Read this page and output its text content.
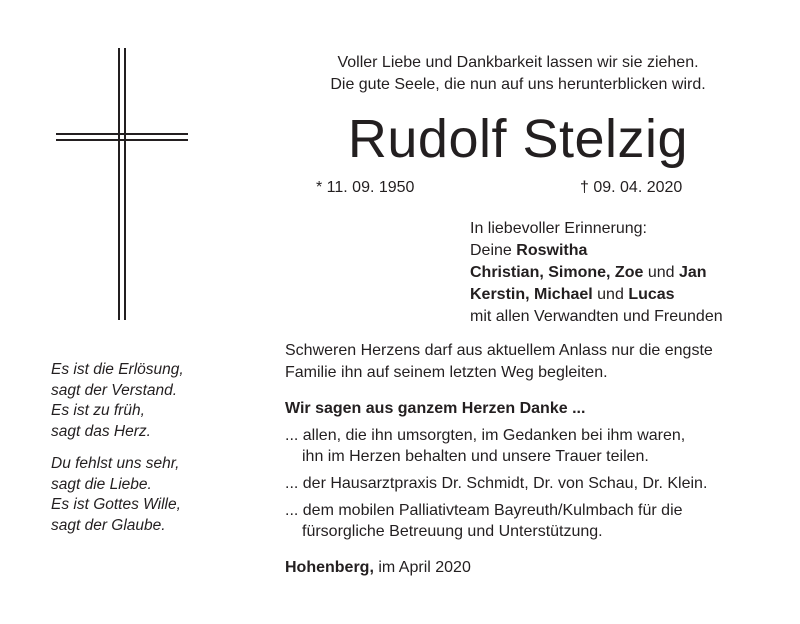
Es ist die Erlösung,
sagt der Verstand.
Es ist zu früh,
sagt das Herz.
Du fehlst uns sehr,
sagt die Liebe.
Es ist Gottes Wille,
sagt der Glaube.
Voller Liebe und Dankbarkeit lassen wir sie ziehen.
Die gute Seele, die nun auf uns herunterblicken wird.
Rudolf Stelzig
* 11. 09. 1950	† 09. 04. 2020
In liebevoller Erinnerung:
Deine Roswitha
Christian, Simone, Zoe und Jan
Kerstin, Michael und Lucas
mit allen Verwandten und Freunden
Schweren Herzens darf aus aktuellem Anlass nur die engste
Familie ihn auf seinem letzten Weg begleiten.
Wir sagen aus ganzem Herzen Danke ...
... allen, die ihn umsorgten, im Gedanken bei ihm waren,
ihn im Herzen behalten und unsere Trauer teilen.
... der Hausarztpraxis Dr. Schmidt, Dr. von Schau, Dr. Klein.
... dem mobilen Palliativteam Bayreuth/Kulmbach für die
fürsorgliche Betreuung und Unterstützung.
Hohenberg, im April 2020
